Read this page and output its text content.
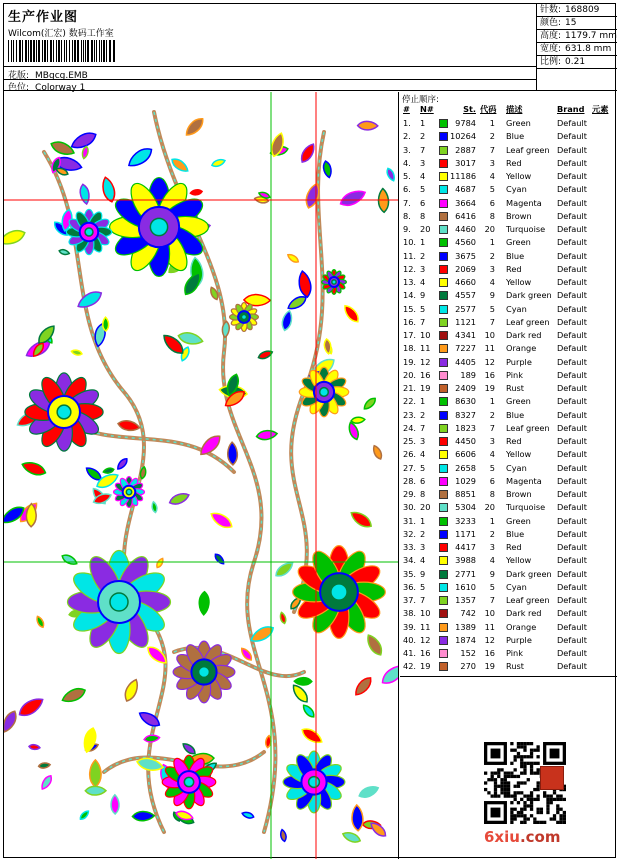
生产作业图
Wilcom(汇宏) 数码工作室
花版: MBgcg.EMB
色位: Colorway 1
针数: 168809
颜色: 15
高度: 1179.7 mm
宽度: 631.8 mm
比例: 0.21
停止顺序:
# N#	St. 代码 描述	Brand 元素
1. 1	9784	1 Green	Default
2. 2	10264	2 Blue	Default
3. 7	2887	7 Leaf green Default
4. 3	3017	3 Red	Default
5. 4	11186	4 Yellow	Default
6. 5	4687	5 Cyan	Default
7. 6	3664	6 Magenta Default
8. 8	6416	8 Brown	Default
9. 20	4460	20 Turquoise Default
10. 1	4560	1 Green	Default
11. 2	3675	2 Blue	Default
12. 3	2069	3 Red	Default
13. 4	4660	4 Yellow	Default
14. 9	4557	9 Dark green Default
15. 5	2577	5 Cyan	Default
16. 7	1121	7 Leaf green Default
17. 10	4341	10 Dark red Default
18. 11	7227	11 Orange	Default
19. 12	4405	12 Purple	Default
20. 16	189	16 Pink	Default
21. 19	2409	19 Rust	Default
22. 1	8630	1 Green	Default
23. 2	8327	2 Blue	Default
24. 7	1823	7 Leaf green Default
25. 3	4450	3 Red	Default
26. 4	6606	4 Yellow	Default
27. 5	2658	5 Cyan	Default
28. 6	1029	6 Magenta Default
29. 8	8851	8 Brown	Default
30. 20	5304	20 Turquoise Default
31. 1	3233	1 Green	Default
32. 2	1171	2 Blue	Default
33. 3	4417	3 Red	Default
34. 4	3988	4 Yellow	Default
35. 9	2771	9 Dark green Default
36. 5	1610	5 Cyan	Default
37. 7	1357	7 Leaf green Default
38. 10	742	10 Dark red Default
39. 11	1389	11 Orange	Default
40. 12	1874	12 Purple	Default
41. 16	152	16 Pink	Default
42. 19	270	19 Rust	Default
6xiu.com
